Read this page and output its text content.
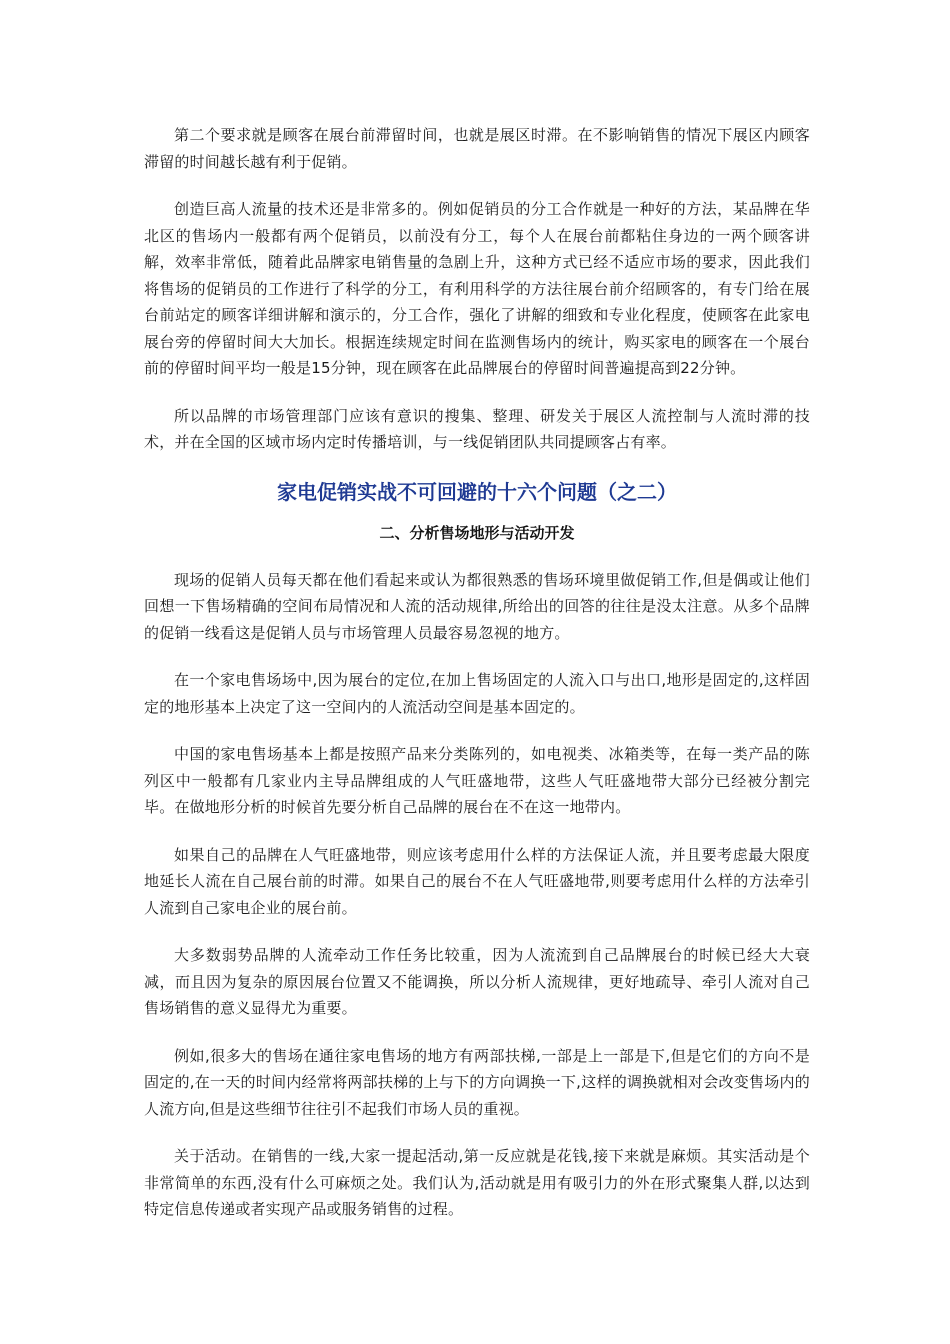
第二个要求就是顾客在展台前滞留时间，也就是展区时滞。在不影响销售的情况下展区内顾客滞留的时间越长越有利于促销。

创造巨高人流量的技术还是非常多的。例如促销员的分工合作就是一种好的方法，某品牌在华北区的售场内一般都有两个促销员，以前没有分工，每个人在展台前都粘住身边的一两个顾客讲解，效率非常低，随着此品牌家电销售量的急剧上升，这种方式已经不适应市场的要求，因此我们将售场的促销员的工作进行了科学的分工，有利用科学的方法往展台前介绍顾客的，有专门给在展台前站定的顾客详细讲解和演示的，分工合作，强化了讲解的细致和专业化程度，使顾客在此家电展台旁的停留时间大大加长。根据连续规定时间在监测售场内的统计，购买家电的顾客在一个展台前的停留时间平均一般是15分钟，现在顾客在此品牌展台的停留时间普遍提高到22分钟。

所以品牌的市场管理部门应该有意识的搜集、整理、研发关于展区人流控制与人流时滞的技术，并在全国的区域市场内定时传播培训，与一线促销团队共同提顾客占有率。

家电促销实战不可回避的十六个问题（之二）
二、分析售场地形与活动开发

现场的促销人员每天都在他们看起来或认为都很熟悉的售场环境里做促销工作,但是偶或让他们回想一下售场精确的空间布局情况和人流的活动规律,所给出的回答的往往是没太注意。从多个品牌的促销一线看这是促销人员与市场管理人员最容易忽视的地方。

在一个家电售场场中,因为展台的定位,在加上售场固定的人流入口与出口,地形是固定的,这样固定的地形基本上决定了这一空间内的人流活动空间是基本固定的。

中国的家电售场基本上都是按照产品来分类陈列的，如电视类、冰箱类等，在每一类产品的陈列区中一般都有几家业内主导品牌组成的人气旺盛地带，这些人气旺盛地带大部分已经被分割完毕。在做地形分析的时候首先要分析自己品牌的展台在不在这一地带内。

如果自己的品牌在人气旺盛地带，则应该考虑用什么样的方法保证人流，并且要考虑最大限度地延长人流在自己展台前的时滞。如果自己的展台不在人气旺盛地带,则要考虑用什么样的方法牵引人流到自己家电企业的展台前。

大多数弱势品牌的人流牵动工作任务比较重，因为人流流到自己品牌展台的时候已经大大衰减，而且因为复杂的原因展台位置又不能调换，所以分析人流规律，更好地疏导、牵引人流对自己售场销售的意义显得尤为重要。

例如,很多大的售场在通往家电售场的地方有两部扶梯,一部是上一部是下,但是它们的方向不是固定的,在一天的时间内经常将两部扶梯的上与下的方向调换一下,这样的调换就相对会改变售场内的人流方向,但是这些细节往往引不起我们市场人员的重视。

关于活动。在销售的一线,大家一提起活动,第一反应就是花钱,接下来就是麻烦。其实活动是个非常简单的东西,没有什么可麻烦之处。我们认为,活动就是用有吸引力的外在形式聚集人群,以达到特定信息传递或者实现产品或服务销售的过程。
